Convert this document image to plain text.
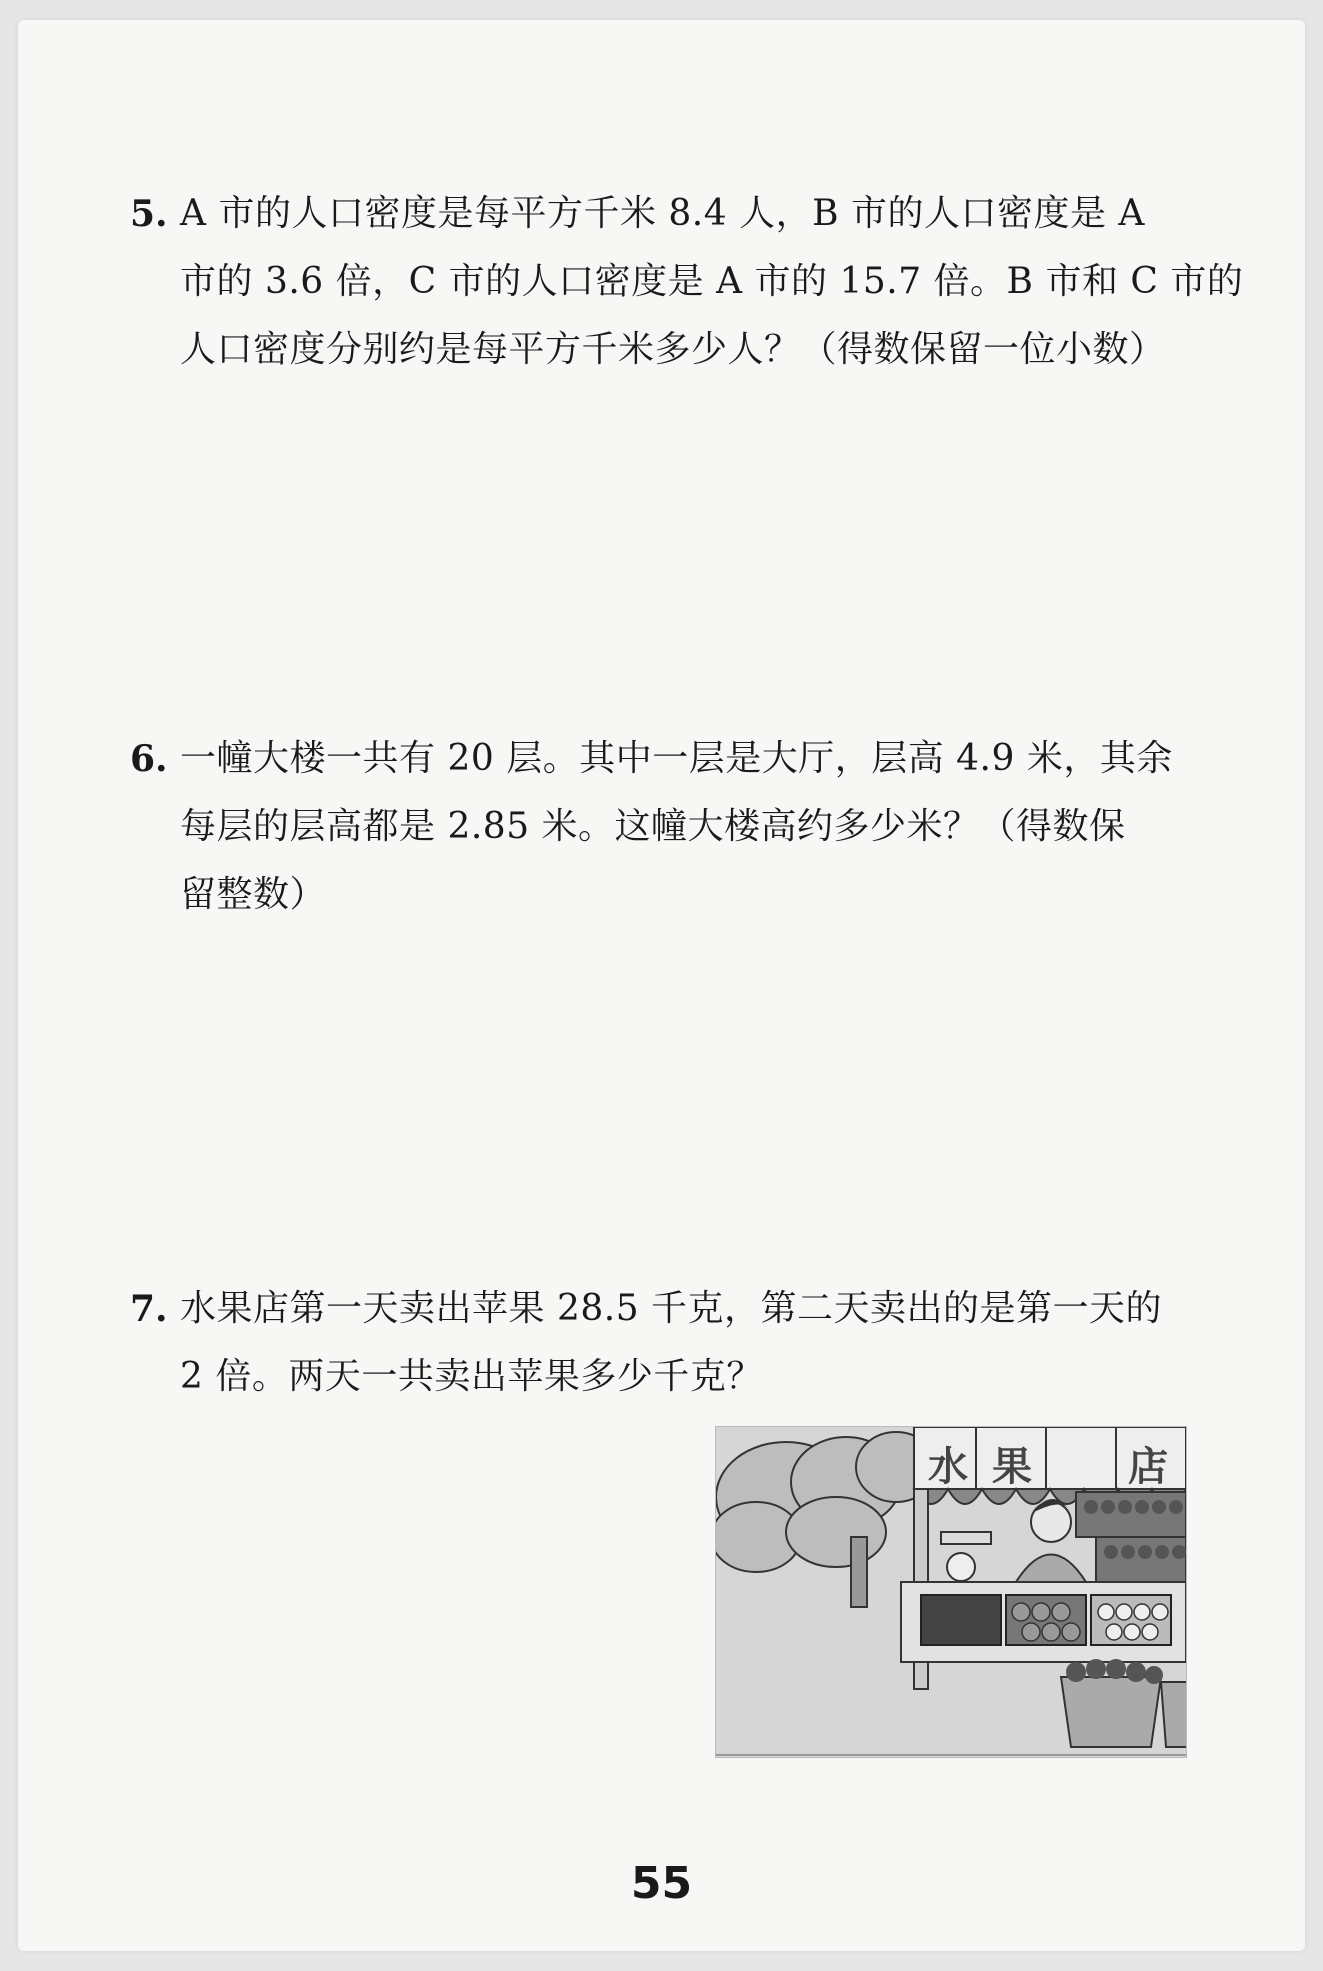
5. A 市的人口密度是每平方千米 8.4 人，B 市的人口密度是 A
市的 3.6 倍，C 市的人口密度是 A 市的 15.7 倍。B 市和 C 市的
人口密度分别约是每平方千米多少人？（得数保留一位小数）
6. 一幢大楼一共有 20 层。其中一层是大厅，层高 4.9 米，其余
每层的层高都是 2.85 米。这幢大楼高约多少米？（得数保
留整数）
7. 水果店第一天卖出苹果 28.5 千克，第二天卖出的是第一天的
2 倍。两天一共卖出苹果多少千克？
水 果 店
55
